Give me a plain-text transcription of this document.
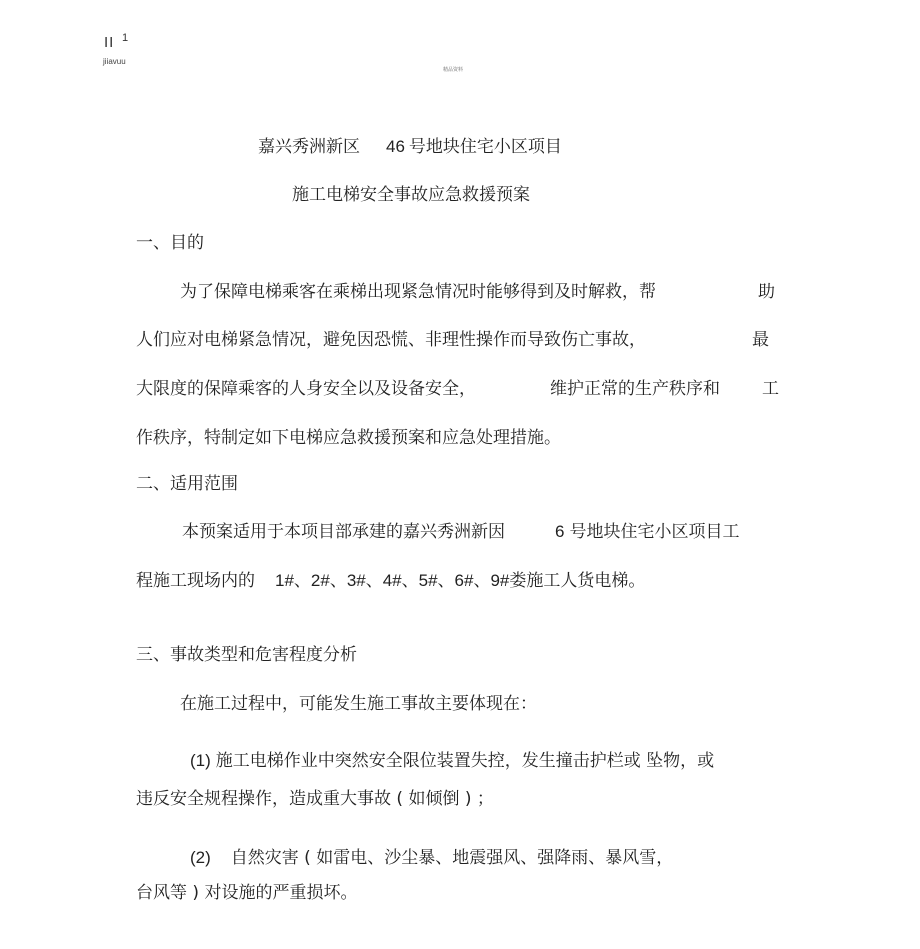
II 1
jiiavuu
精品资料
嘉兴秀洲新区 46 号地块住宅小区项目
施工电梯安全事故应急救援预案
一、目的
为了保障电梯乘客在乘梯出现紧急情况时能够得到及时解救，帮	助
人们应对电梯紧急情况，避免因恐慌、非理性操作而导致伤亡事故，	最
大限度的保障乘客的人身安全以及设备安全，	维护正常的生产秩序和 工
作秩序，特制定如下电梯应急救援预案和应急处理措施。
二、适用范围
本预案适用于本项目部承建的嘉兴秀洲新因	6 号地块住宅小区项目工
程施工现场内的 1#、2#、3#、4#、5#、6#、9#娄施工人货电梯。
三、事故类型和危害程度分析
在施工过程中，可能发生施工事故主要体现在：
(1) 施工电梯作业中突然安全限位装置失控，发生撞击护栏或 坠物，或
违反安全规程操作，造成重大事故 ( 如倾倒 ) ；
(2) 自然灾害 ( 如雷电、沙尘暴、地震强风、强降雨、暴风雪，
台风等 ) 对设施的严重损坏。
